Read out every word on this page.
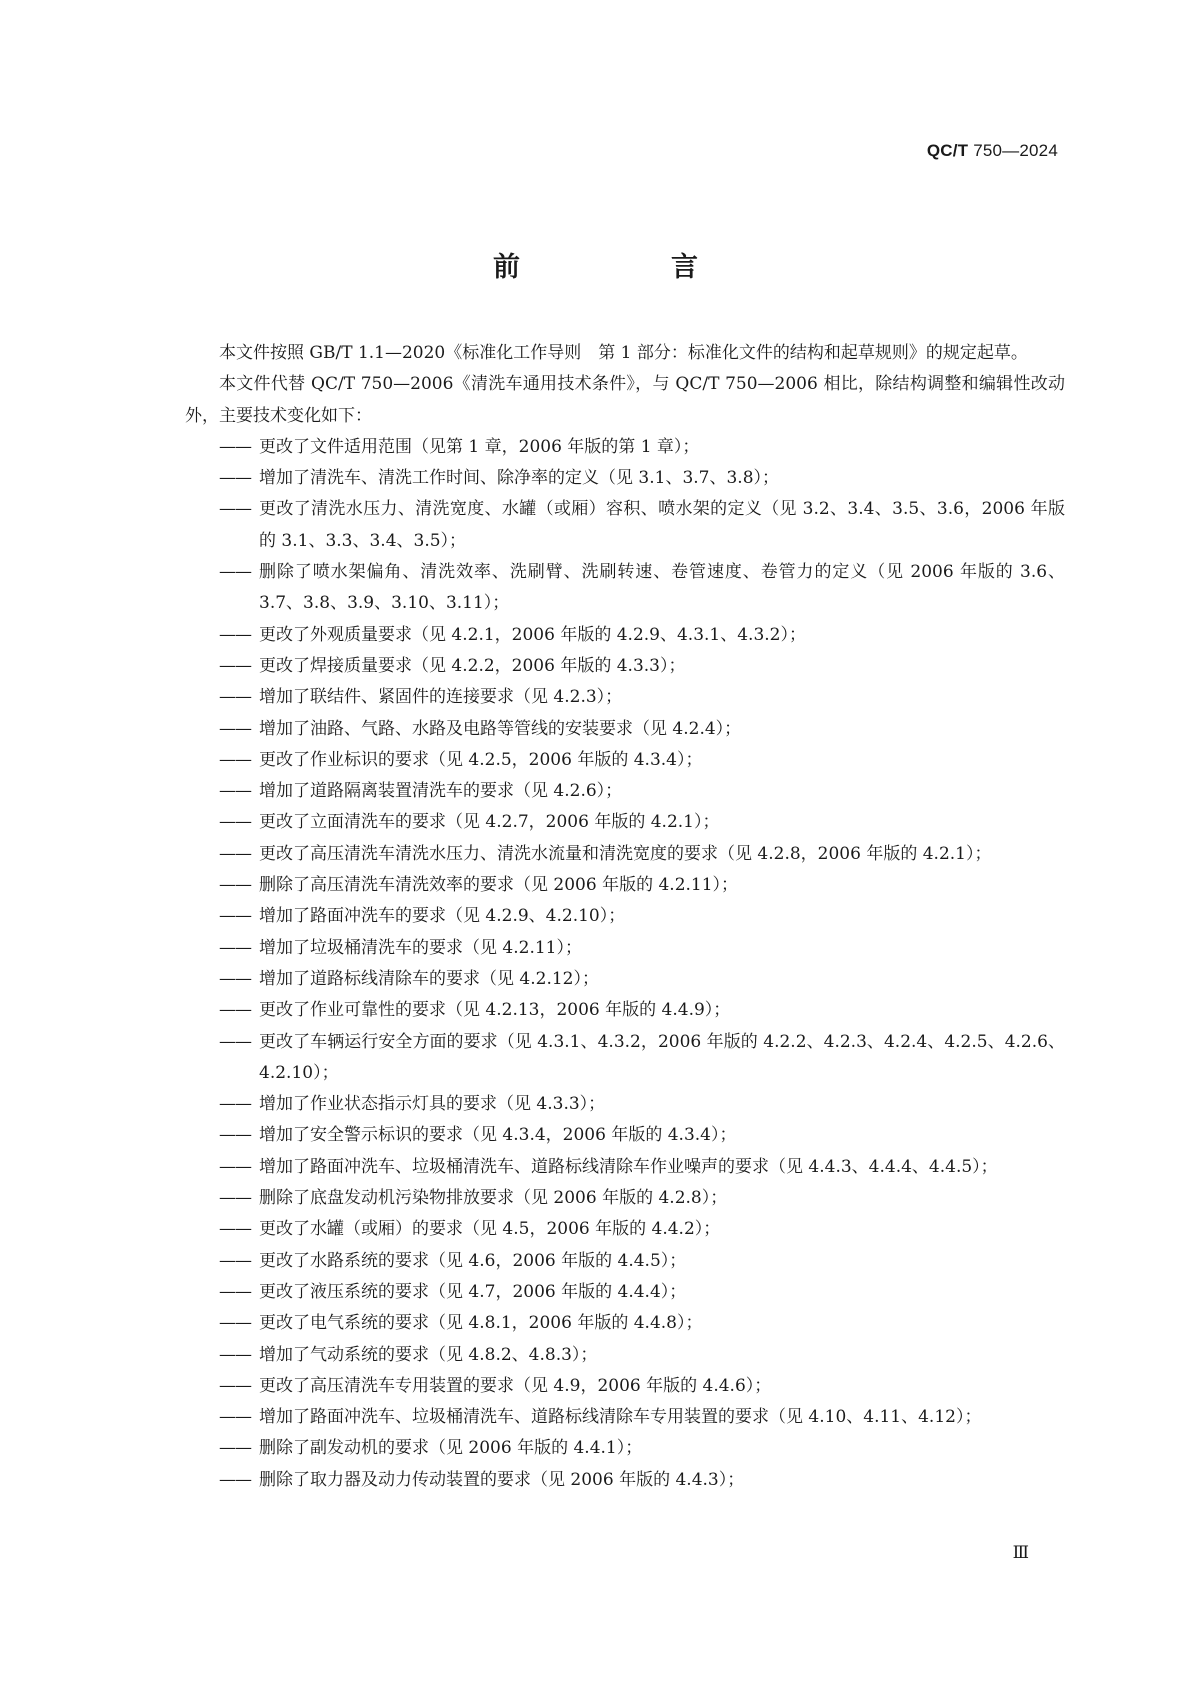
QC/T 750—2024
前　言

本文件按照 GB/T 1.1—2020《标准化工作导则　第 1 部分：标准化文件的结构和起草规则》的规定起草。

本文件代替 QC/T 750—2006《清洗车通用技术条件》，与 QC/T 750—2006 相比，除结构调整和编辑性改动外，主要技术变化如下：

—— 更改了文件适用范围（见第 1 章，2006 年版的第 1 章）；
—— 增加了清洗车、清洗工作时间、除净率的定义（见 3.1、3.7、3.8）；
—— 更改了清洗水压力、清洗宽度、水罐（或厢）容积、喷水架的定义（见 3.2、3.4、3.5、3.6，2006 年版的 3.1、3.3、3.4、3.5）；
—— 删除了喷水架偏角、清洗效率、洗刷臂、洗刷转速、卷管速度、卷管力的定义（见 2006 年版的 3.6、3.7、3.8、3.9、3.10、3.11）；
—— 更改了外观质量要求（见 4.2.1，2006 年版的 4.2.9、4.3.1、4.3.2）；
—— 更改了焊接质量要求（见 4.2.2，2006 年版的 4.3.3）；
—— 增加了联结件、紧固件的连接要求（见 4.2.3）；
—— 增加了油路、气路、水路及电路等管线的安装要求（见 4.2.4）；
—— 更改了作业标识的要求（见 4.2.5，2006 年版的 4.3.4）；
—— 增加了道路隔离装置清洗车的要求（见 4.2.6）；
—— 更改了立面清洗车的要求（见 4.2.7，2006 年版的 4.2.1）；
—— 更改了高压清洗车清洗水压力、清洗水流量和清洗宽度的要求（见 4.2.8，2006 年版的 4.2.1）；
—— 删除了高压清洗车清洗效率的要求（见 2006 年版的 4.2.11）；
—— 增加了路面冲洗车的要求（见 4.2.9、4.2.10）；
—— 增加了垃圾桶清洗车的要求（见 4.2.11）；
—— 增加了道路标线清除车的要求（见 4.2.12）；
—— 更改了作业可靠性的要求（见 4.2.13，2006 年版的 4.4.9）；
—— 更改了车辆运行安全方面的要求（见 4.3.1、4.3.2，2006 年版的 4.2.2、4.2.3、4.2.4、4.2.5、4.2.6、4.2.10）；
—— 增加了作业状态指示灯具的要求（见 4.3.3）；
—— 增加了安全警示标识的要求（见 4.3.4，2006 年版的 4.3.4）；
—— 增加了路面冲洗车、垃圾桶清洗车、道路标线清除车作业噪声的要求（见 4.4.3、4.4.4、4.4.5）；
—— 删除了底盘发动机污染物排放要求（见 2006 年版的 4.2.8）；
—— 更改了水罐（或厢）的要求（见 4.5，2006 年版的 4.4.2）；
—— 更改了水路系统的要求（见 4.6，2006 年版的 4.4.5）；
—— 更改了液压系统的要求（见 4.7，2006 年版的 4.4.4）；
—— 更改了电气系统的要求（见 4.8.1，2006 年版的 4.4.8）；
—— 增加了气动系统的要求（见 4.8.2、4.8.3）；
—— 更改了高压清洗车专用装置的要求（见 4.9，2006 年版的 4.4.6）；
—— 增加了路面冲洗车、垃圾桶清洗车、道路标线清除车专用装置的要求（见 4.10、4.11、4.12）；
—— 删除了副发动机的要求（见 2006 年版的 4.4.1）；
—— 删除了取力器及动力传动装置的要求（见 2006 年版的 4.4.3）；
Ⅲ
